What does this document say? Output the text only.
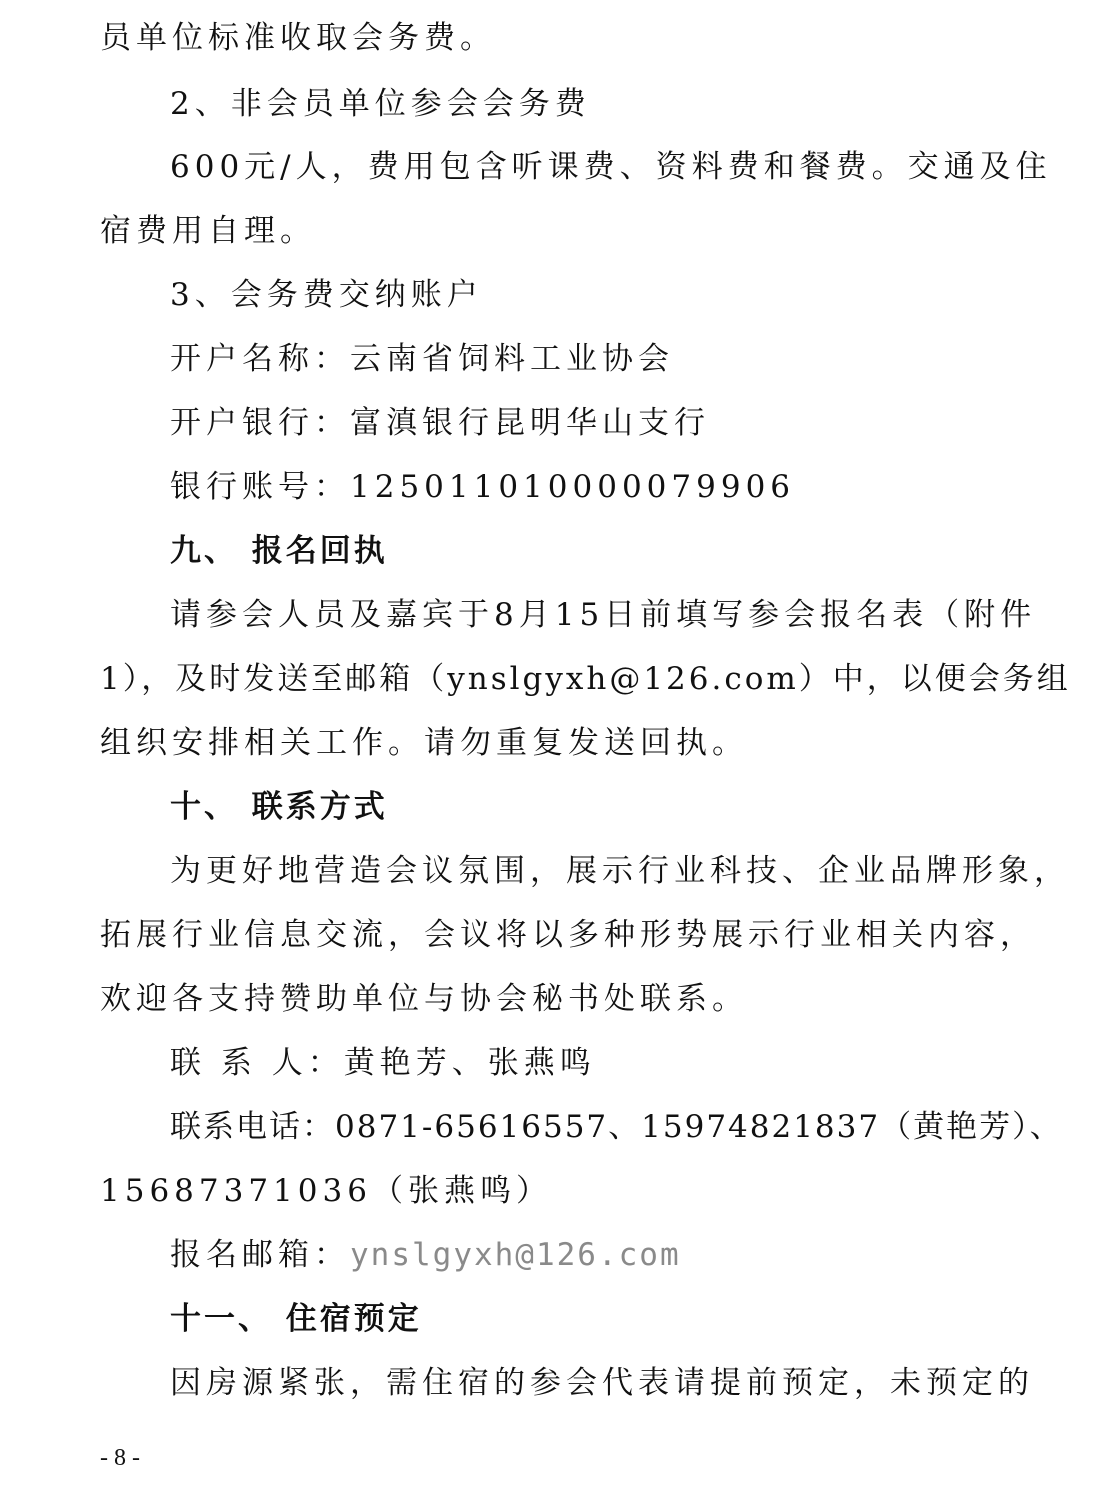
员单位标准收取会务费。
2、非会员单位参会会务费
600元/人，费用包含听课费、资料费和餐费。交通及住
宿费用自理。
3、会务费交纳账户
开户名称：云南省饲料工业协会
开户银行：富滇银行昆明华山支行
银行账号：125011010000079906
九、 报名回执
请参会人员及嘉宾于8月15日前填写参会报名表（附件
1），及时发送至邮箱（ynslgyxh@126.com）中，以便会务组
组织安排相关工作。请勿重复发送回执。
十、 联系方式
为更好地营造会议氛围，展示行业科技、企业品牌形象，
拓展行业信息交流，会议将以多种形势展示行业相关内容，
欢迎各支持赞助单位与协会秘书处联系。
联 系 人：黄艳芳、张燕鸣
联系电话：0871-65616557、15974821837（黄艳芳）、
15687371036（张燕鸣）
报名邮箱：ynslgyxh@126.com
十一、 住宿预定
因房源紧张，需住宿的参会代表请提前预定，未预定的
- 8 -
